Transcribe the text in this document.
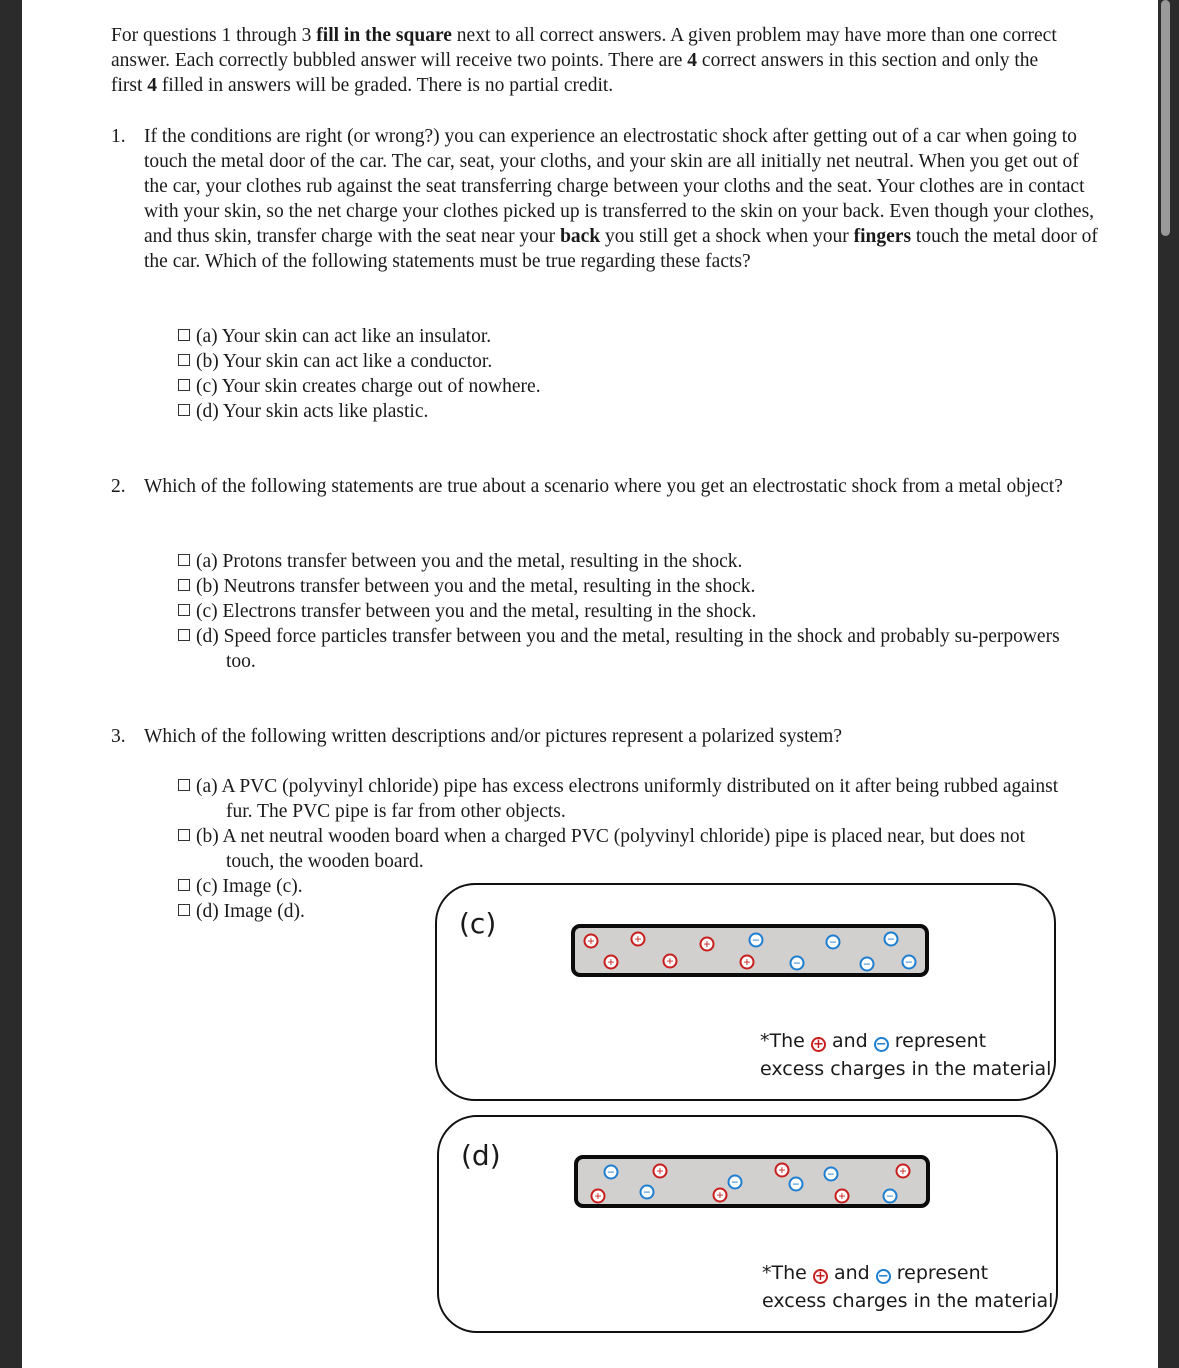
For questions 1 through 3 fill in the square next to all correct answers. A given problem may have more than one correct answer. Each correctly bubbled answer will receive two points. There are 4 correct answers in this section and only the first 4 filled in answers will be graded. There is no partial credit.
1. If the conditions are right (or wrong?) you can experience an electrostatic shock after getting out of a car when going to touch the metal door of the car. The car, seat, your cloths, and your skin are all initially net neutral. When you get out of the car, your clothes rub against the seat transferring charge between your cloths and the seat. Your clothes are in contact with your skin, so the net charge your clothes picked up is transferred to the skin on your back. Even though your clothes, and thus skin, transfer charge with the seat near your back you still get a shock when your fingers touch the metal door of the car. Which of the following statements must be true regarding these facts?
(a) Your skin can act like an insulator.
(b) Your skin can act like a conductor.
(c) Your skin creates charge out of nowhere.
(d) Your skin acts like plastic.
2. Which of the following statements are true about a scenario where you get an electrostatic shock from a metal object?
(a) Protons transfer between you and the metal, resulting in the shock.
(b) Neutrons transfer between you and the metal, resulting in the shock.
(c) Electrons transfer between you and the metal, resulting in the shock.
(d) Speed force particles transfer between you and the metal, resulting in the shock and probably su-perpowers too.
3. Which of the following written descriptions and/or pictures represent a polarized system?
(a) A PVC (polyvinyl chloride) pipe has excess electrons uniformly distributed on it after being rubbed against fur. The PVC pipe is far from other objects.
(b) A net neutral wooden board when a charged PVC (polyvinyl chloride) pipe is placed near, but does not touch, the wooden board.
(c) Image (c).
(d) Image (d).	(c)
*The + and − represent
excess charges in the material
(d)
*The + and − represent
excess charges in the material
+	+
+	+
+
+
−
−
−
−
−
−
−
−
−	−
−
−
+
+
+
+
+
+
